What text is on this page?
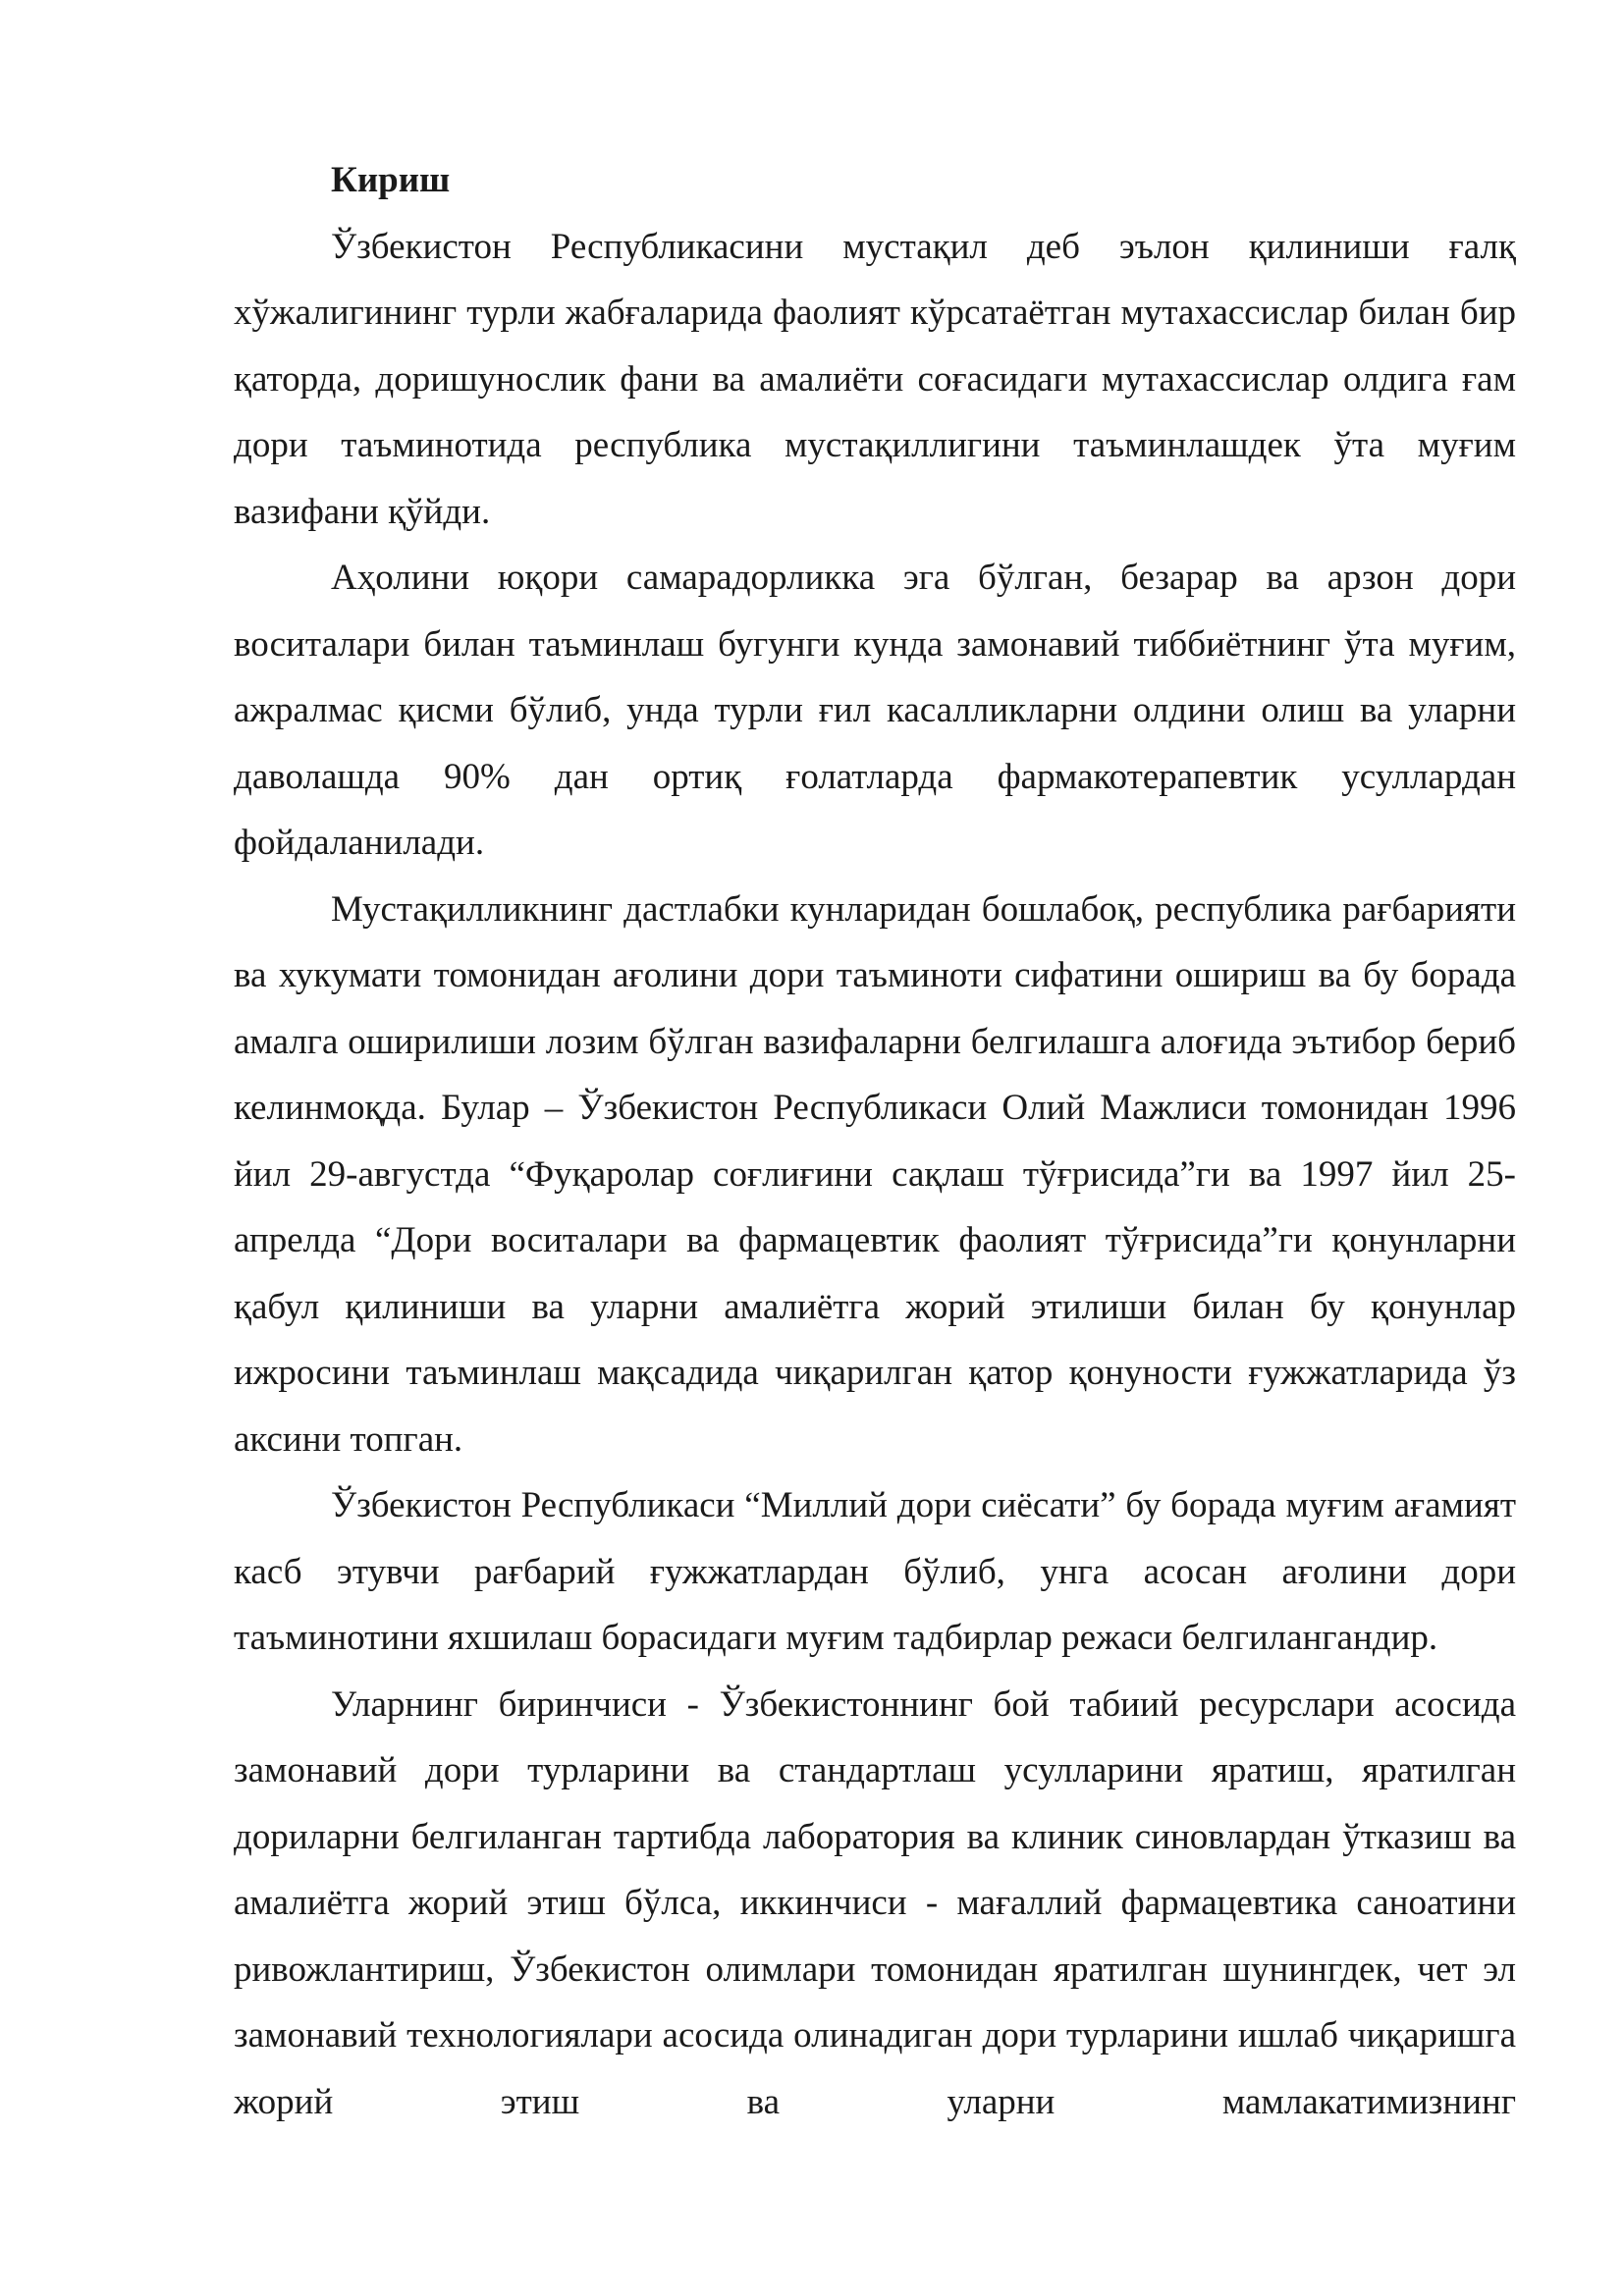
Кириш

Ўзбекистон Республикасини мустақил деб эълон қилиниши ғалқ хўжалигининг турли жабғаларида фаолият кўрсатаётган мутахассислар билан бир қаторда, доришунослик фани ва амалиёти соғасидаги мутахассислар олдига ғам дори таъминотида республика мустақиллигини таъминлашдек ўта муғим вазифани қўйди.

Аҳолини юқори самарадорликка эга бўлган, безарар ва арзон дори воситалари билан таъминлаш бугунги кунда замонавий тиббиётнинг ўта муғим, ажралмас қисми бўлиб, унда турли ғил касалликларни олдини олиш ва уларни даволашда 90% дан ортиқ ғолатларда фармакотерапевтик усуллардан фойдаланилади.

Мустақилликнинг дастлабки кунларидан бошлабоқ, республика рағбарияти ва хукумати томонидан ағолини дори таъминоти сифатини ошириш ва бу борада амалга оширилиши лозим бўлган вазифаларни белгилашга алоғида эътибор бериб келинмоқда. Булар – Ўзбекистон Республикаси Олий Мажлиси томонидан 1996 йил 29-августда “Фуқаролар соғлиғини сақлаш тўғрисида”ги ва 1997 йил 25-апрелда “Дори воситалари ва фармацевтик фаолият тўғрисида”ги қонунларни қабул қилиниши ва уларни амалиётга жорий этилиши билан бу қонунлар ижросини таъминлаш мақсадида чиқарилган қатор қонуности ғужжатларида ўз аксини топган.

Ўзбекистон Республикаси “Миллий дори сиёсати” бу борада муғим ағамият касб этувчи рағбарий ғужжатлардан бўлиб, унга асосан ағолини дори таъминотини яхшилаш борасидаги муғим тадбирлар режаси белгилангандир.

Уларнинг биринчиси - Ўзбекистоннинг бой табиий ресурслари асосида замонавий дори турларини ва стандартлаш усулларини яратиш, яратилган дориларни белгиланган тартибда лаборатория ва клиник синовлардан ўтказиш ва амалиётга жорий этиш бўлса, иккинчиси - мағаллий фармацевтика саноатини ривожлантириш, Ўзбекистон олимлари томонидан яратилган шунингдек, чет эл замонавий технологиялари асосида олинадиган дори турларини ишлаб чиқаришга жорий этиш ва уларни мамлакатимизнинг
